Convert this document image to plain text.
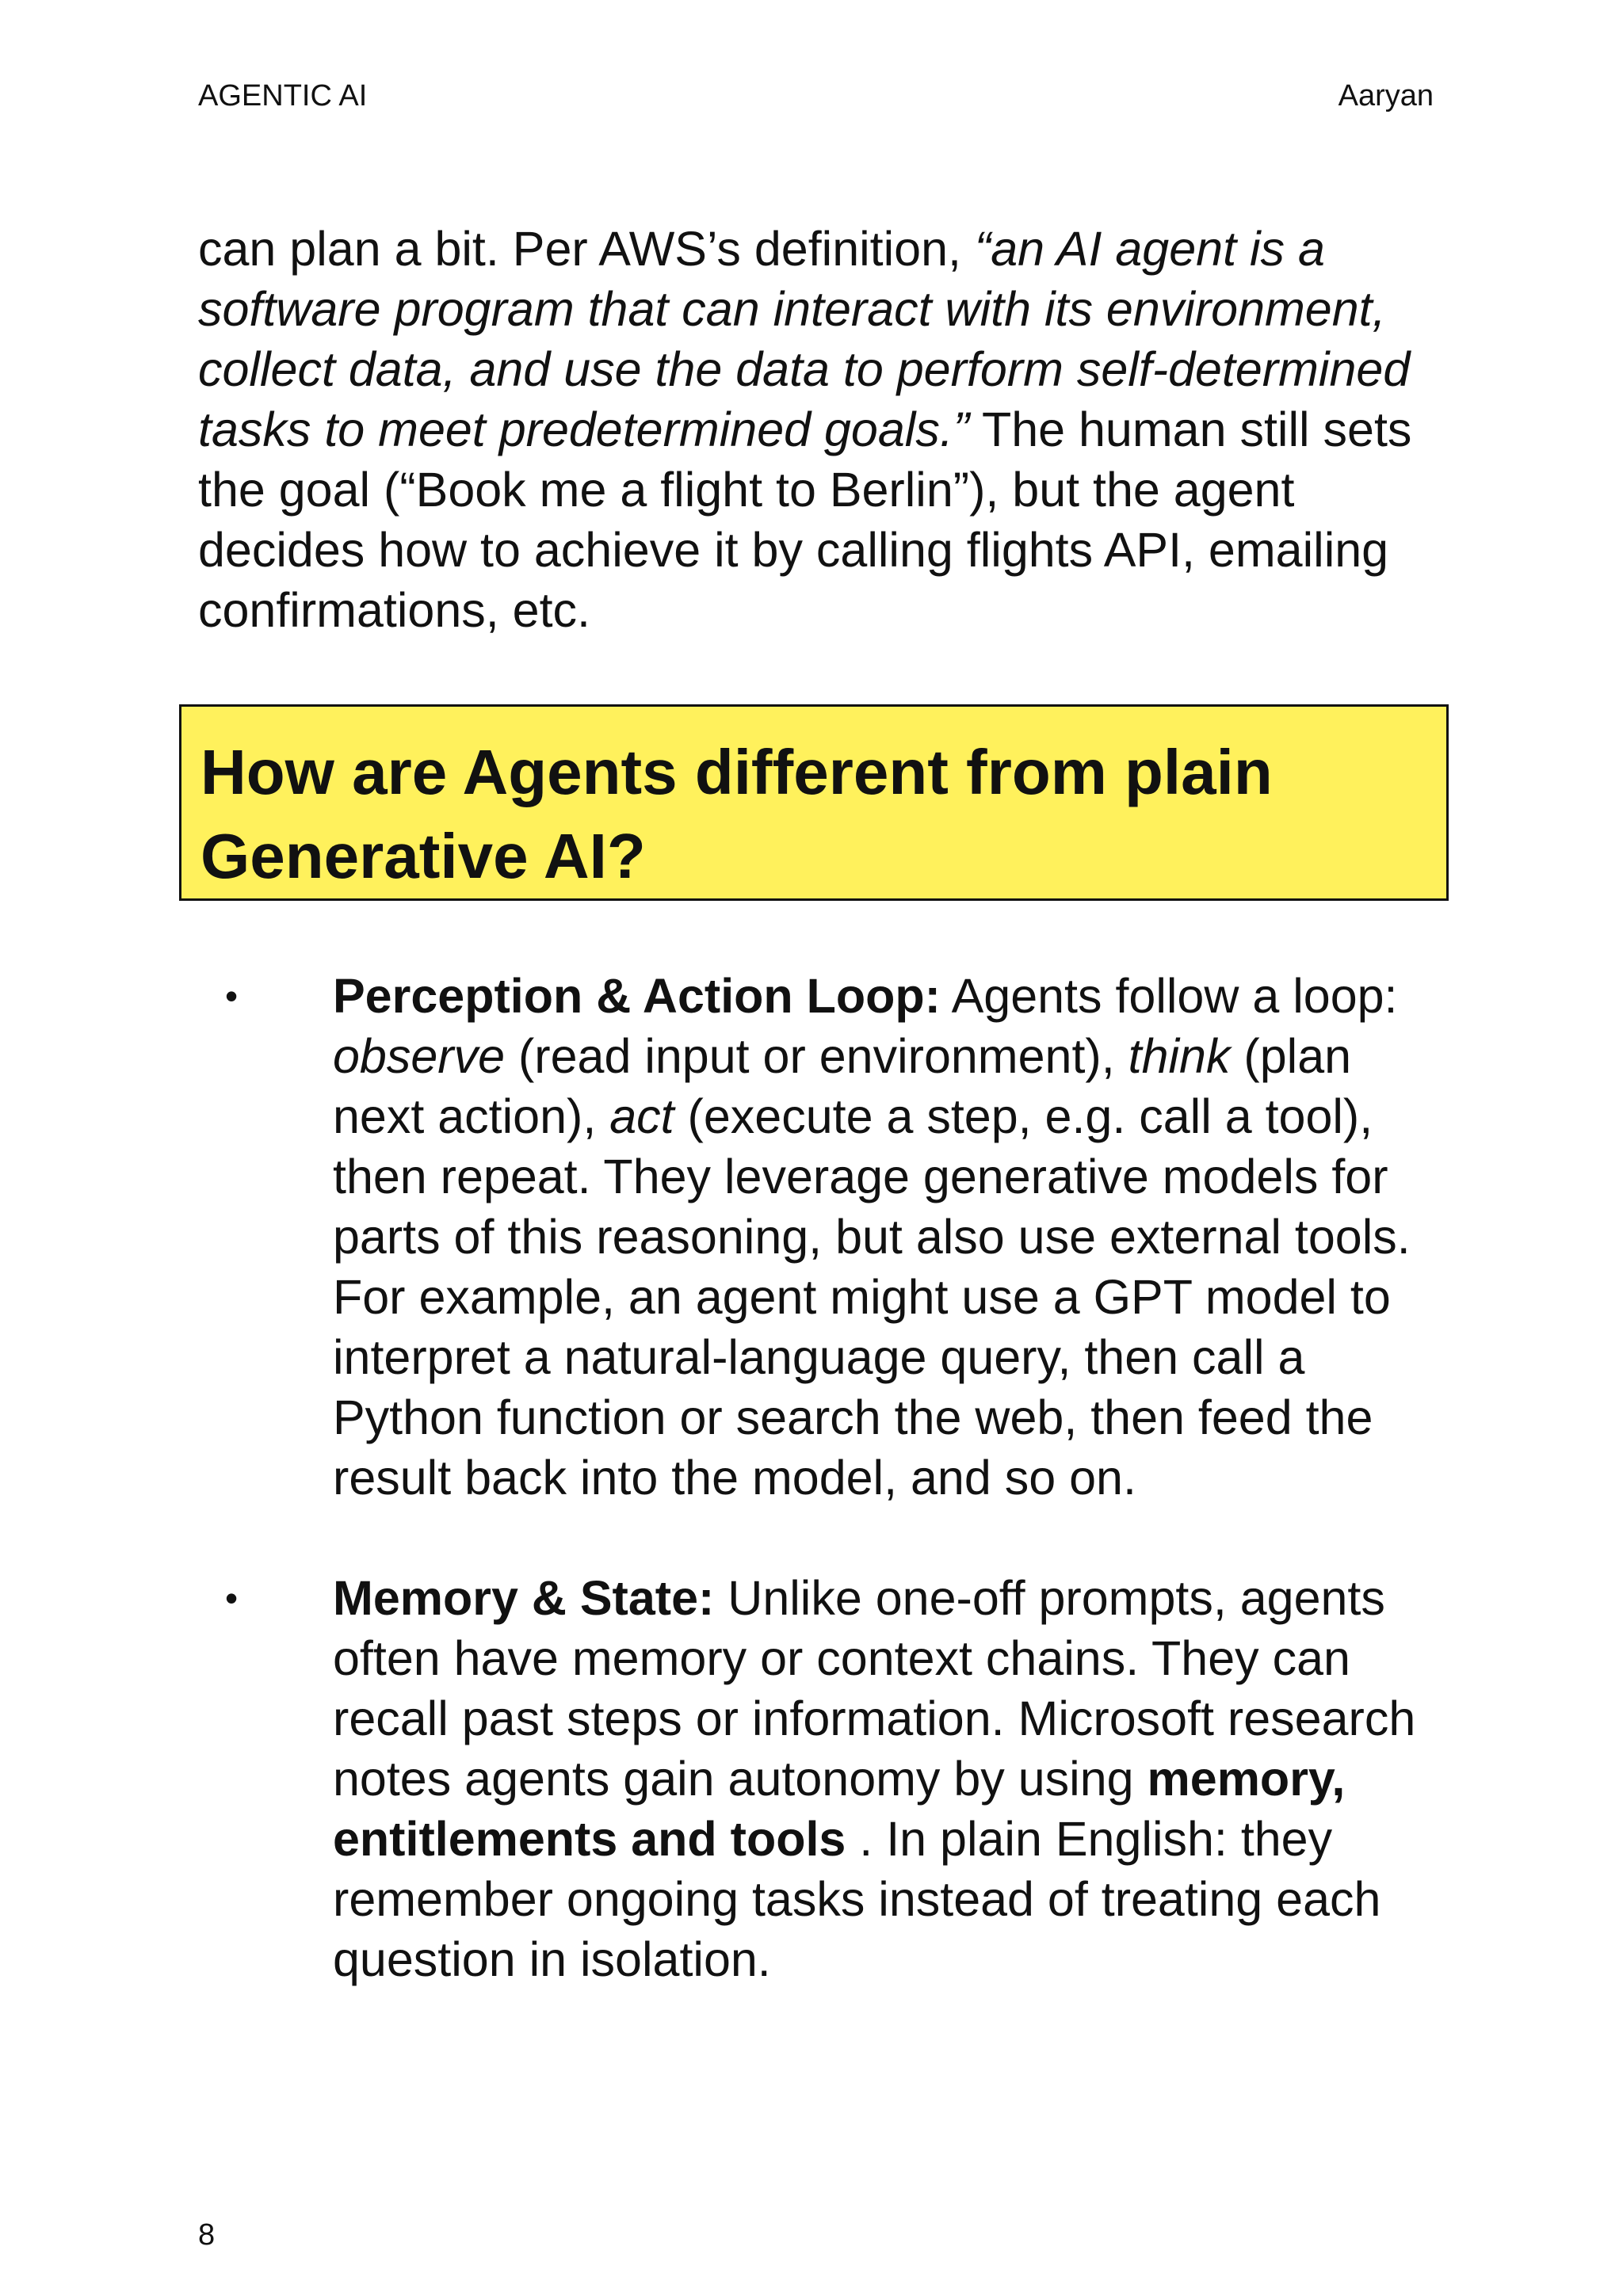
AGENTIC AI	Aaryan

can plan a bit. Per AWS’s definition, “an AI agent is a software program that can interact with its environment, collect data, and use the data to perform self-determined tasks to meet predetermined goals.” The human still sets the goal (“Book me a flight to Berlin”), but the agent decides how to achieve it by calling flights API, emailing confirmations, etc.

How are Agents different from plain Generative AI?
• Perception & Action Loop: Agents follow a loop: observe (read input or environment), think (plan next action), act (execute a step, e.g. call a tool), then repeat. They leverage generative models for parts of this reasoning, but also use external tools. For example, an agent might use a GPT model to interpret a natural-language query, then call a Python function or search the web, then feed the result back into the model, and so on.

• Memory & State: Unlike one-off prompts, agents often have memory or context chains. They can recall past steps or information. Microsoft research notes agents gain autonomy by using memory, entitlements and tools . In plain English: they remember ongoing tasks instead of treating each question in isolation.

8
